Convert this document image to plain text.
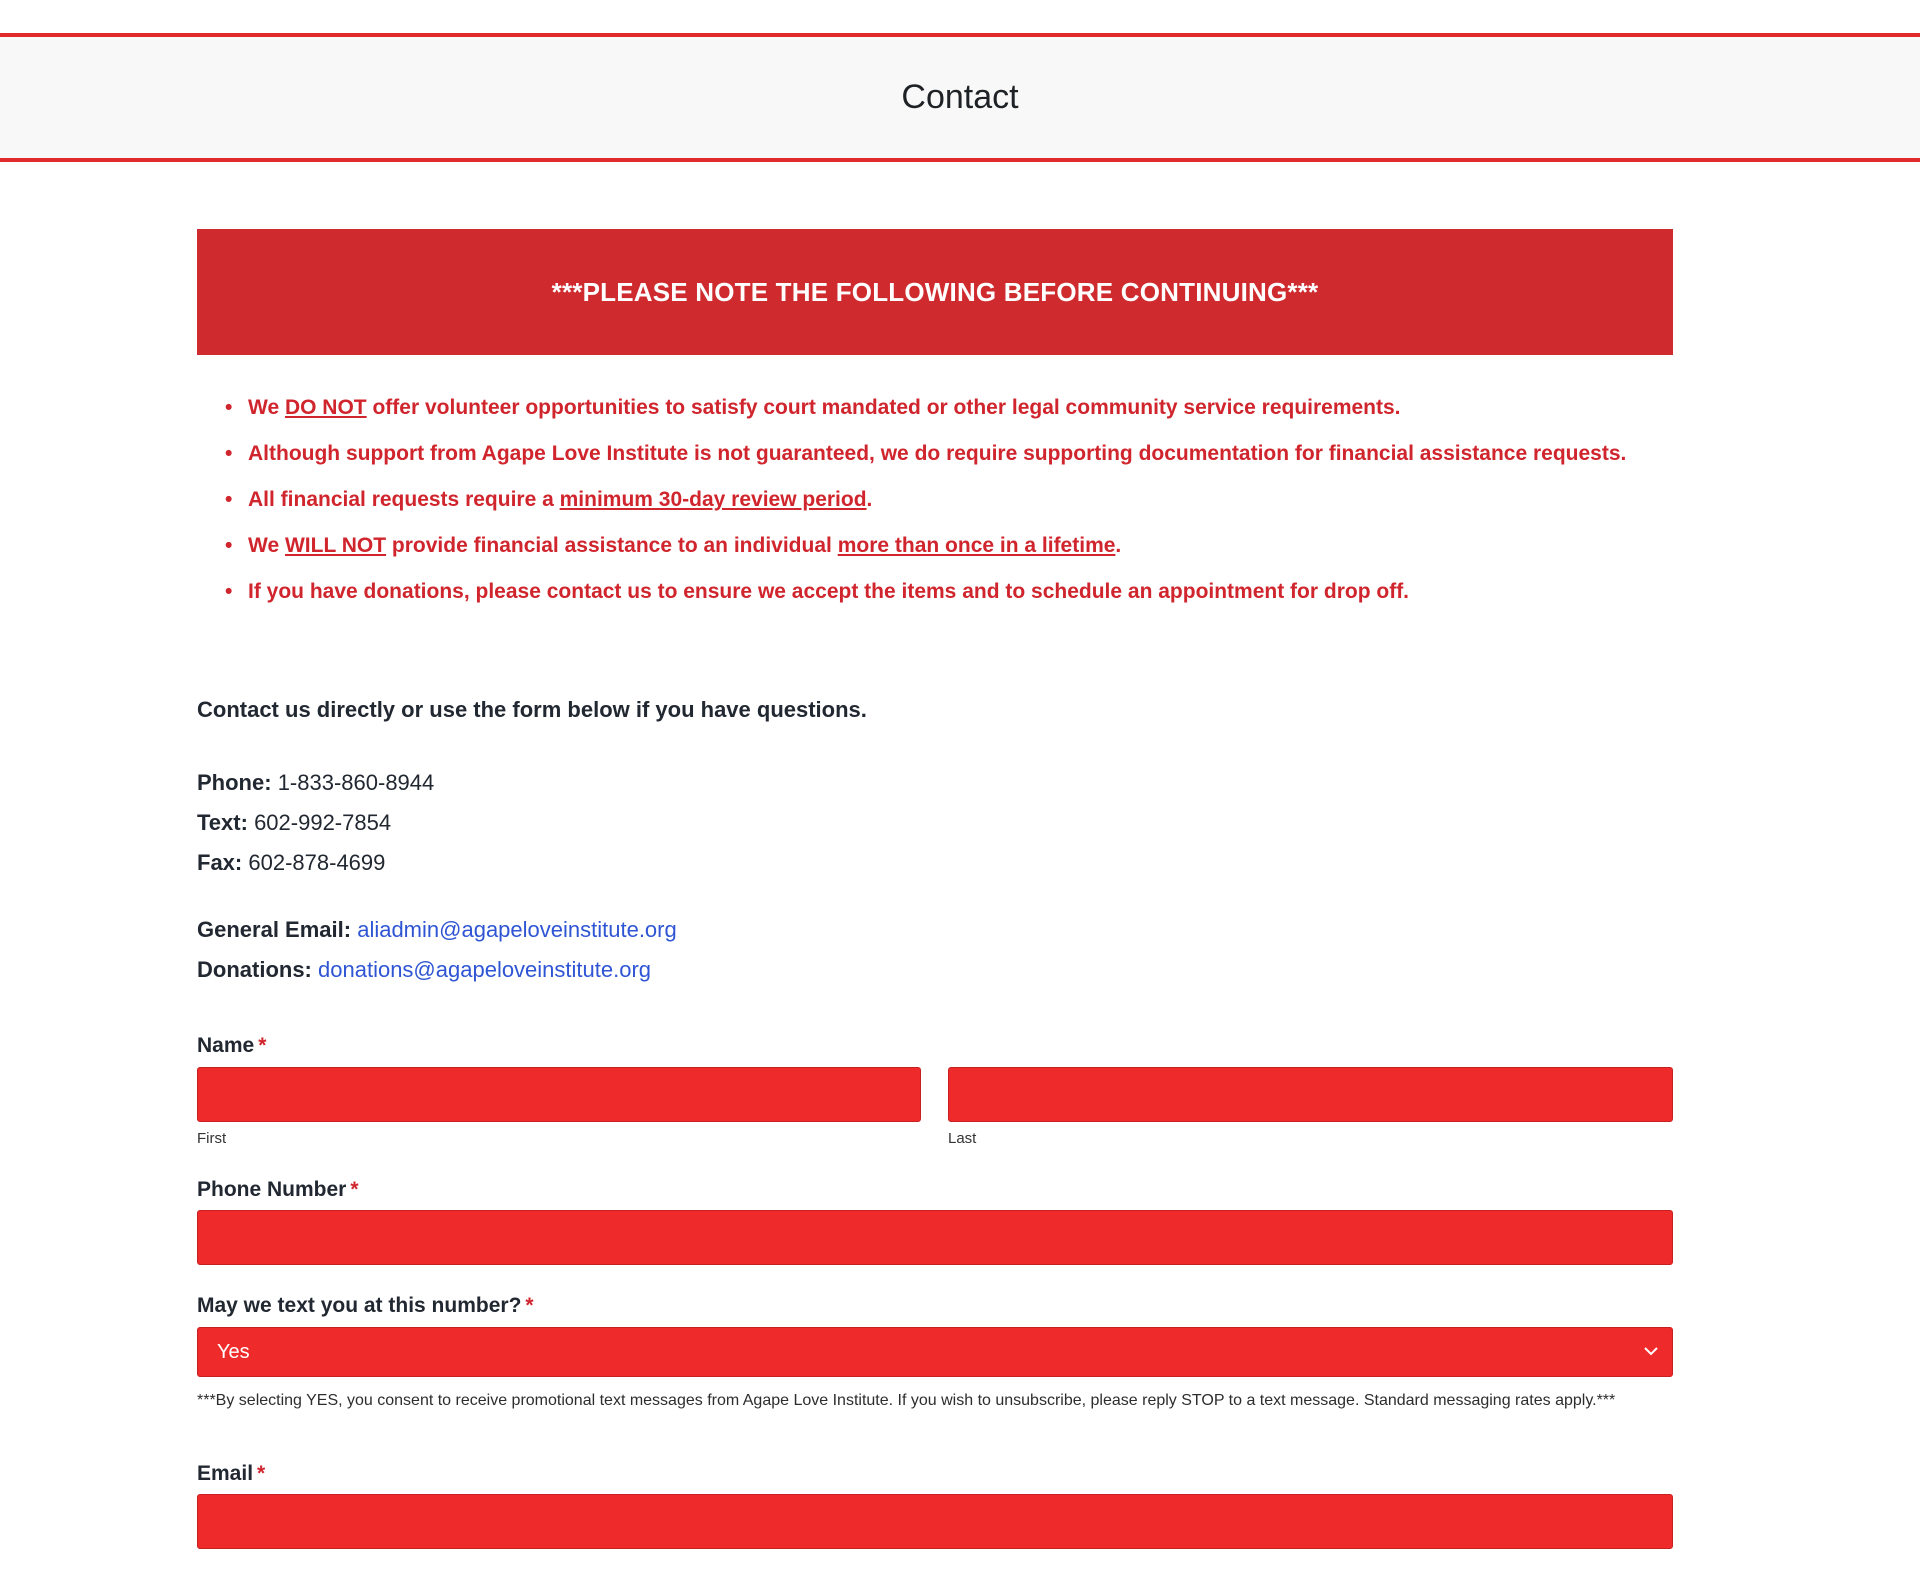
Contact
***PLEASE NOTE THE FOLLOWING BEFORE CONTINUING***
• We DO NOT offer volunteer opportunities to satisfy court mandated or other legal community service requirements.
• Although support from Agape Love Institute is not guaranteed, we do require supporting documentation for financial assistance requests.
• All financial requests require a minimum 30-day review period.
• We WILL NOT provide financial assistance to an individual more than once in a lifetime.
• If you have donations, please contact us to ensure we accept the items and to schedule an appointment for drop off.
Contact us directly or use the form below if you have questions.
Phone: 1-833-860-8944
Text: 602-992-7854
Fax: 602-878-4699
General Email: aliadmin@agapeloveinstitute.org
Donations: donations@agapeloveinstitute.org
Name *
First	Last
Phone Number *
May we text you at this number? *
Yes
***By selecting YES, you consent to receive promotional text messages from Agape Love Institute. If you wish to unsubscribe, please reply STOP to a text message. Standard messaging rates apply.***
Email *
